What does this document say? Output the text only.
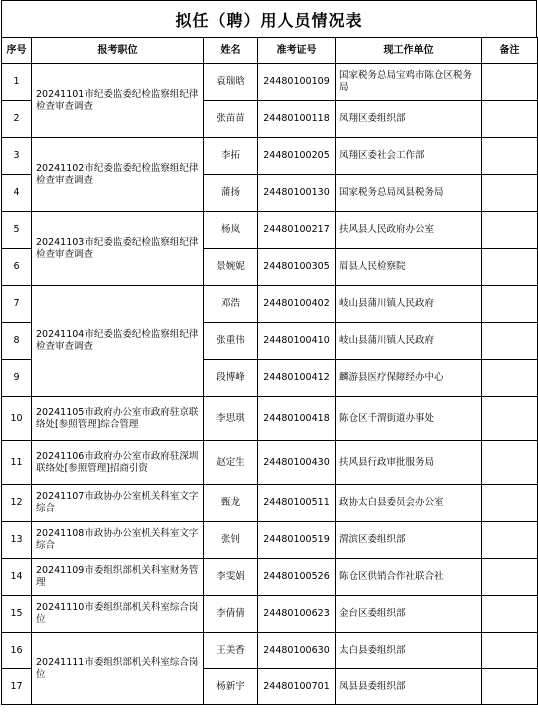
拟任（聘）用人员情况表
序号	报考职位	姓名	准考证号	现工作单位	备注
1	20241101市纪委监委纪检监察组纪律检查审查调查	袁瑞晗	24480100109	国家税务总局宝鸡市陈仓区税务局	
2		张苗苗	24480100118	凤翔区委组织部	
3	20241102市纪委监委纪检监察组纪律检查审查调查	李拓	24480100205	凤翔区委社会工作部	
4		蒲扬	24480100130	国家税务总局凤县税务局	
5	20241103市纪委监委纪检监察组纪律检查审查调查	杨岚	24480100217	扶风县人民政府办公室	
6		景婉妮	24480100305	眉县人民检察院	
7	20241104市纪委监委纪检监察组纪律检查审查调查	邓浩	24480100402	岐山县蒲川镇人民政府	
8		张重伟	24480100410	岐山县蒲川镇人民政府	
9		段博峰	24480100412	麟游县医疗保障经办中心	
10	20241105市政府办公室市政府驻京联络处[参照管理]综合管理	李思琪	24480100418	陈仓区千渭街道办事处	
11	20241106市政府办公室市政府驻深圳联络处[参照管理]招商引资	赵定生	24480100430	扶风县行政审批服务局	
12	20241107市政协办公室机关科室文字综合	甄龙	24480100511	政协太白县委员会办公室	
13	20241108市政协办公室机关科室文字综合	张钊	24480100519	渭滨区委组织部	
14	20241109市委组织部机关科室财务管理	李雯娟	24480100526	陈仓区供销合作社联合社	
15	20241110市委组织部机关科室综合岗位	李倩倩	24480100623	金台区委组织部	
16	20241111市委组织部机关科室综合岗位	王美香	24480100630	太白县委组织部	
17		杨新宇	24480100701	凤县县委组织部	
